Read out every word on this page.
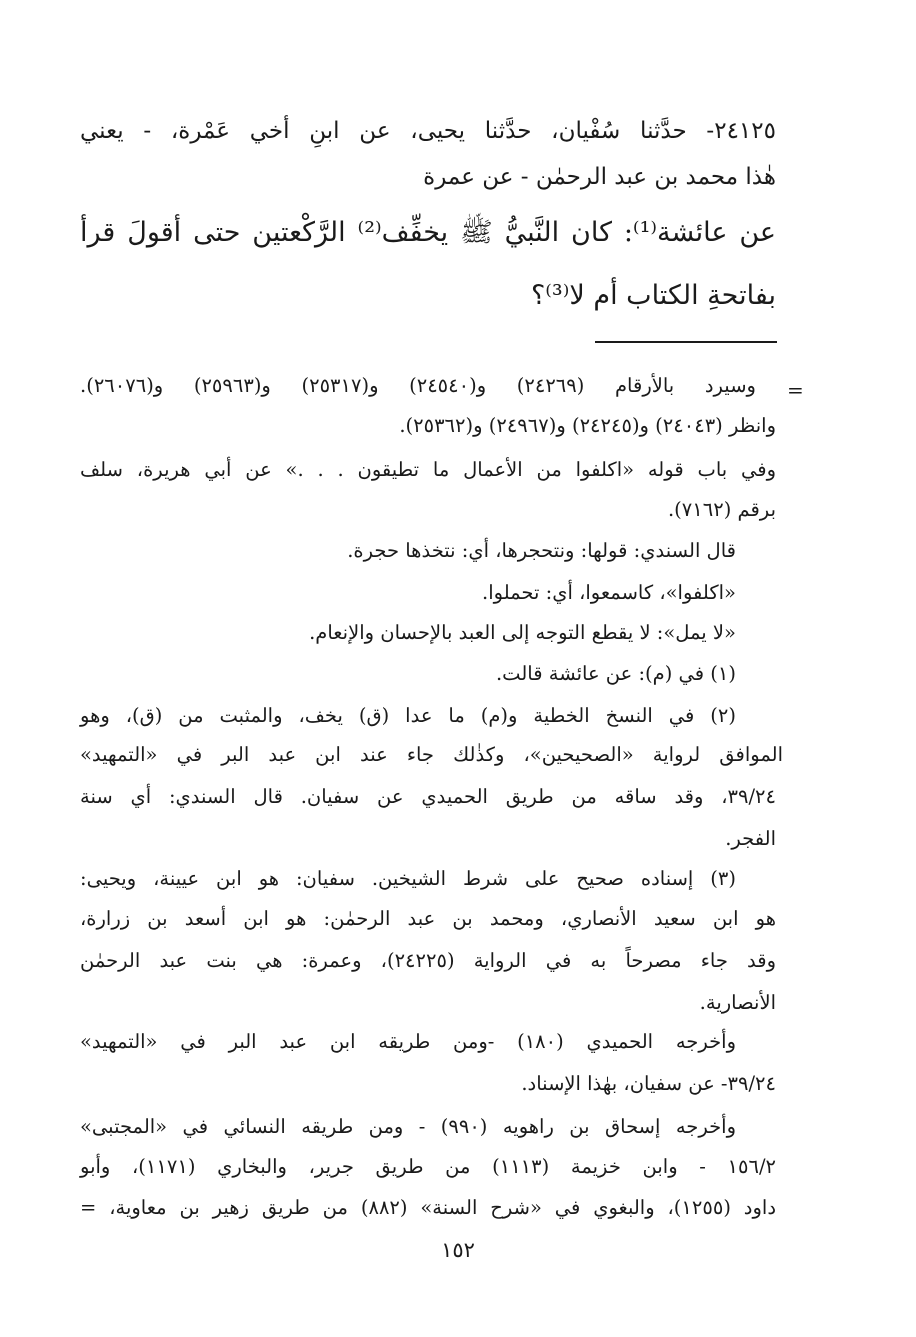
٢٤١٢٥- حدَّثنا سُفْيان، حدَّثنا يحيى، عن ابنِ أخي عَمْرة، - يعني
هٰذا محمد بن عبد الرحمٰن - عن عمرة
عن عائشة⁽¹⁾: كان النَّبيُّ ﷺ يخفِّف⁽²⁾ الرَّكْعتين حتى أقولَ قرأ
بفاتحةِ الكتاب أم لا⁽³⁾؟
=
وسيرد بالأرقام (٢٤٢٦٩) و(٢٤٥٤٠) و(٢٥٣١٧) و(٢٥٩٦٣) و(٢٦٠٧٦).
وانظر (٢٤٠٤٣) و(٢٤٢٤٥) و(٢٤٩٦٧) و(٢٥٣٦٢).
وفي باب قوله «اكلفوا من الأعمال ما تطيقون . . .» عن أبي هريرة، سلف
برقم (٧١٦٢).
قال السندي: قولها: ونتحجرها، أي: نتخذها حجرة.
«اكلفوا»، كاسمعوا، أي: تحملوا.
«لا يمل»: لا يقطع التوجه إلى العبد بالإحسان والإنعام.
(١) في (م): عن عائشة قالت.
(٢) في النسخ الخطية و(م) ما عدا (ق) يخف، والمثبت من (ق)، وهو
الموافق لرواية «الصحيحين»، وكذٰلك جاء عند ابن عبد البر في «التمهيد»
٣٩/٢٤، وقد ساقه من طريق الحميدي عن سفيان. قال السندي: أي سنة
الفجر.
(٣) إسناده صحيح على شرط الشيخين. سفيان: هو ابن عيينة، ويحيى:
هو ابن سعيد الأنصاري، ومحمد بن عبد الرحمٰن: هو ابن أسعد بن زرارة،
وقد جاء مصرحاً به في الرواية (٢٤٢٢٥)، وعمرة: هي بنت عبد الرحمٰن
الأنصارية.
وأخرجه الحميدي (١٨٠) -ومن طريقه ابن عبد البر في «التمهيد»
٣٩/٢٤- عن سفيان، بهٰذا الإسناد.
وأخرجه إسحاق بن راهويه (٩٩٠) - ومن طريقه النسائي في «المجتبى»
١٥٦/٢ - وابن خزيمة (١١١٣) من طريق جرير، والبخاري (١١٧١)، وأبو
داود (١٢٥٥)، والبغوي في «شرح السنة» (٨٨٢) من طريق زهير بن معاوية، =
١٥٢
